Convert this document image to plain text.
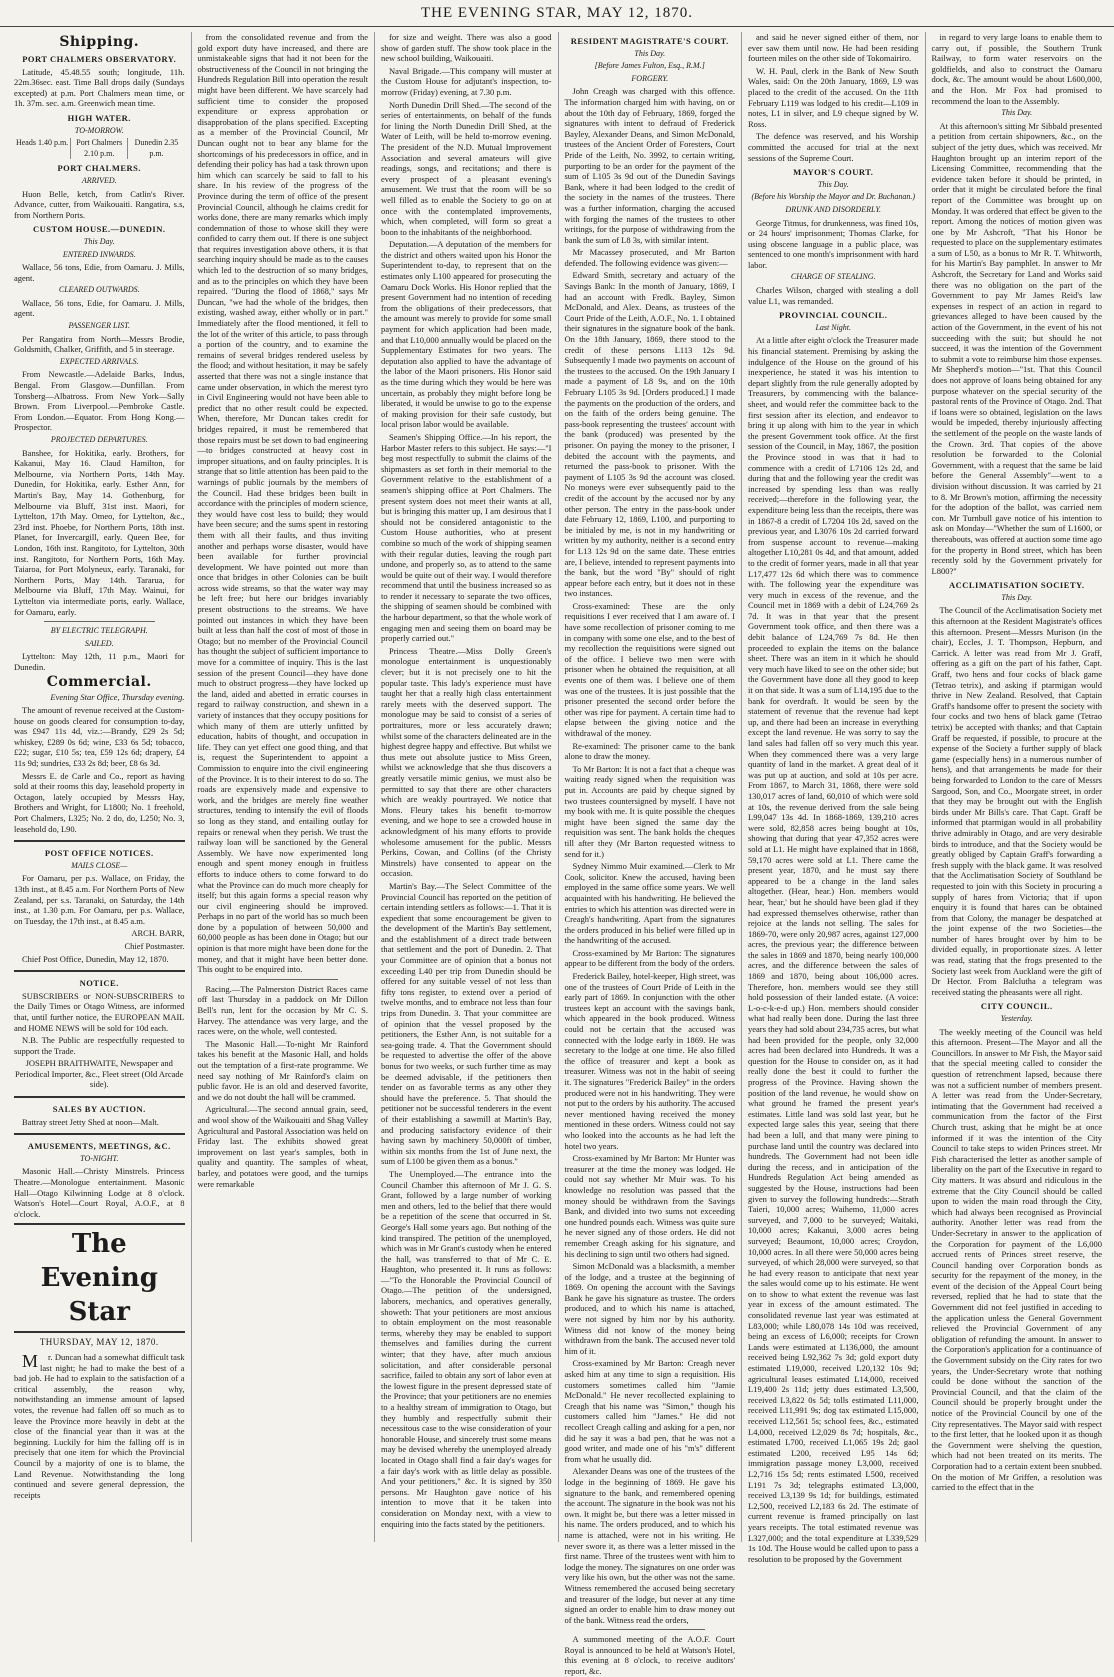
THE EVENING STAR, MAY 12, 1870.
Shipping.
PORT CHALMERS OBSERVATORY.

Latitude, 45.48.55 south; longitude, 11h. 22m.36sec. east. Time Ball drops daily (Sundays excepted) at p.m. Port Chalmers mean time, or 1h. 37m. sec. a.m. Greenwich mean time.

HIGH WATER.
TO-MORROW.
Heads 1.40 p.m.	Port Chalmers 2.10 p.m.
Dunedin 2.35 p.m.
PORT CHALMERS.
ARRIVED.

Huon Belle, ketch, from Catlin's River. Advance, cutter, from Waikouaiti. Rangatira, s.s, from Northern Ports.

CUSTOM HOUSE.—DUNEDIN.
This Day.
ENTERED INWARDS.

Wallace, 56 tons, Edie, from Oamaru. J. Mills, agent.

CLEARED OUTWARDS.

Wallace, 56 tons, Edie, for Oamaru. J. Mills, agent.

PASSENGER LIST.

Per Rangatira from North—Messrs Brodie, Goldsmith, Chalker, Griffith, and 5 in steerage.

EXPECTED ARRIVALS.

From Newcastle.—Adelaide Barks, Indus, Bengal. From Glasgow.—Dunfillan. From Tonsberg—Albatross. From New York—Sally Brown. From Liverpool.—Pembroke Castle. From London.—Equator. From Hong Kong.—Prospector.

PROJECTED DEPARTURES.

Banshee, for Hokitika, early. Brothers, for Kakanui, May 16. Claud Hamilton, for Melbourne, via Northern Ports, 14th May. Dunedin, for Hokitika, early. Esther Ann, for Martin's Bay, May 14. Gothenburg, for Melbourne via Bluff, 31st inst. Maori, for Lyttelton, 17th May. Omeo, for Lyttelton, &c., 23rd inst. Phoebe, for Northern Ports, 18th inst. Planet, for Invercargill, early. Queen Bee, for London, 16th inst. Rangitoto, for Lyttelton, 30th inst. Rangitoto, for Northern Ports, 16th May. Taiaroa, for Port Molyneux, early. Taranaki, for Northern Ports, May 14th. Tararua, for Melbourne via Bluff, 17th May. Wainui, for Lyttelton via intermediate ports, early. Wallace, for Oamaru, early.

BY ELECTRIC TELEGRAPH.
SAILED.

Lyttelton: May 12th, 11 p.m., Maori for Dunedin.

Commercial.

Evening Star Office, Thursday evening.

The amount of revenue received at the Custom-house on goods cleared for consumption to-day, was £947 11s 4d, viz.:—Brandy, £29 2s 5d; whiskey, £289 0s 6d; wine, £33 6s 5d; tobacco, £22; sugar, £10 5s; tea, £59 12s 6d; drapery, £4 11s 9d; sundries, £33 2s 8d; beer, £8 6s 3d.

Messrs E. de Carle and Co., report as having sold at their rooms this day, leasehold property in Octagon, lately occupied by Messrs Hay, Brothers and Wright, for L1800; No. 1 freehold, Port Chalmers, L325; No. 2 do, do, L250; No. 3, leasehold do, L90.

POST OFFICE NOTICES.
MAILS CLOSE—

For Oamaru, per p.s. Wallace, on Friday, the 13th inst., at 8.45 a.m. For Northern Ports of New Zealand, per s.s. Taranaki, on Saturday, the 14th inst., at 1.30 p.m. For Oamaru, per p.s. Wallace, on Tuesday, the 17th inst., at 8.45 a.m.

ARCH. BARR,

Chief Postmaster.

Chief Post Office, Dunedin, May 12, 1870.

NOTICE.

SUBSCRIBERS or NON-SUBSCRIBERS to the Daily Times or Otago Witness, are informed that, until further notice, the EUROPEAN MAIL and HOME NEWS will be sold for 10d each.

N.B. The Public are respectfully requested to support the Trade.

JOSEPH BRAITHWAITE, Newspaper and Periodical Importer, &c., Fleet street (Old Arcade side).

SALES BY AUCTION.

Battray street Jetty Shed at noon—Malt.

AMUSEMENTS, MEETINGS, &C.
TO-NIGHT.

Masonic Hall.—Christy Minstrels. Princess Theatre.—Monologue entertainment. Masonic Hall—Otago Kilwinning Lodge at 8 o'clock. Watson's Hotel—Court Royal, A.O.F., at 8 o'clock.

The Evening Star
THURSDAY, MAY 12, 1870.

Mr. Duncan had a somewhat difficult task last night; he had to make the best of a bad job. He had to explain to the satisfaction of a critical assembly, the reason why, notwithstanding an immense amount of lapsed votes, the revenue had fallen off so much as to leave the Province more heavily in debt at the close of the financial year than it was at the beginning. Luckily for him the falling off is in precisely that one item for which the Provincial Council by a majority of one is to blame, the Land Revenue. Notwithstanding the long continued and severe general depression, the receipts

from the consolidated revenue and from the gold export duty have increased, and there are unmistakeable signs that had it not been for the obstructiveness of the Council in not bringing the Hundreds Regulation Bill into operation the result might have been different. We have scarcely had sufficient time to consider the proposed expenditure or express approbation or disapprobation of the plans specified. Excepting as a member of the Provincial Council, Mr Duncan ought not to bear any blame for the shortcomings of his predecessors in office, and in defending their policy has had a task thrown upon him which can scarcely be said to fall to his share. In his review of the progress of the Province during the term of office of the present Provincial Council, although he claims credit for works done, there are many remarks which imply condemnation of those to whose skill they were confided to carry them out. If there is one subject that requires investigation above others, it is that searching inquiry should be made as to the causes which led to the destruction of so many bridges, and as to the principles on which they have been repaired. "During the flood of 1868," says Mr Duncan, "we had the whole of the bridges, then existing, washed away, either wholly or in part." Immediately after the flood mentioned, it fell to the lot of the writer of this article, to pass through a portion of the country, and to examine the remains of several bridges rendered useless by the flood; and without hesitation, it may be safely asserted that there was not a single instance that came under observation, in which the merest tyro in Civil Engineering would not have been able to predict that no other result could be expected. When, therefore, Mr Duncan takes credit for bridges repaired, it must be remembered that those repairs must be set down to bad engineering—to bridges constructed at heavy cost in improper situations, and on faulty principles. It is strange that so little attention has been paid to the warnings of public journals by the members of the Council. Had these bridges been built in accordance with the principles of modern science, they would have cost less to build; they would have been secure; and the sums spent in restoring them with all their faults, and thus inviting another and perhaps worse disaster, would have been available for further provincial development. We have pointed out more than once that bridges in other Colonies can be built across wide streams, so that the water way may be left free; but here our bridges invariably present obstructions to the streams. We have pointed out instances in which they have been built at less than half the cost of most of those in Otago; but no member of the Provincial Council has thought the subject of sufficient importance to move for a committee of inquiry. This is the last session of the present Council—they have done much to obstruct progress—they have locked up the land, aided and abetted in erratic courses in regard to railway construction, and shewn in a variety of instances that they occupy positions for which many of them are utterly unfitted by education, habits of thought, and occupation in life. They can yet effect one good thing, and that is, request the Superintendent to appoint a Commission to enquire into the civil engineering of the Province. It is to their interest to do so. The roads are expensively made and expensive to work, and the bridges are merely fine weather structures, tending to intensify the evil of floods so long as they stand, and entailing outlay for repairs or renewal when they perish. We trust the railway loan will be sanctioned by the General Assembly. We have now experimented long enough and spent money enough in fruitless efforts to induce others to come forward to do what the Province can do much more cheaply for itself; but this again forms a special reason why our civil engineering should be improved. Perhaps in no part of the world has so much been done by a population of between 50,000 and 60,000 people as has been done in Otago; but our opinion is that more might have been done for the money, and that it might have been better done. This ought to be enquired into.

Racing.—The Palmerston District Races came off last Thursday in a paddock on Mr Dillon Bell's run, lent for the occasion by Mr C. S. Harvey. The attendance was very large, and the races were, on the whole, well contested.

The Masonic Hall.—To-night Mr Rainford takes his benefit at the Masonic Hall, and holds out the temptation of a first-rate programme. We need say nothing of Mr Rainford's claim on public favor. He is an old and deserved favorite, and we do not doubt the hall will be crammed.

Agricultural.—The second annual grain, seed, and wool show of the Waikouaiti and Shag Valley Agricultural and Pastoral Association was held on Friday last. The exhibits showed great improvement on last year's samples, both in quality and quantity. The samples of wheat, barley, and potatoes were good, and the turnips were remarkable

for size and weight. There was also a good show of garden stuff. The show took place in the new school building, Waikouaiti.

Naval Brigade.—This company will muster at the Custom House for adjutant's inspection, to-morrow (Friday) evening, at 7.30 p.m.

North Dunedin Drill Shed.—The second of the series of entertainments, on behalf of the funds for lining the North Dunedin Drill Shed, at the Water of Leith, will be held to-morrow evening. The president of the N.D. Mutual Improvement Association and several amateurs will give readings, songs, and recitations; and there is every prospect of a pleasant evening's amusement. We trust that the room will be so well filled as to enable the Society to go on at once with the contemplated improvements, which, when completed, will form so great a boon to the inhabitants of the neighborhood.

Deputation.—A deputation of the members for the district and others waited upon his Honor the Superintendent to-day, to represent that on the estimates only L100 appeared for prosecuting the Oamaru Dock Works. His Honor replied that the present Government had no intention of receding from the obligations of their predecessors, that the amount was merely to provide for some small payment for which application had been made, and that L10,000 annually would be placed on the Supplementary Estimates for two years. The deputation also applied to have the advantage of the labor of the Maori prisoners. His Honor said as the time during which they would be here was uncertain, as probably they might before long be liberated, it would be unwise to go to the expense of making provision for their safe custody, but local prison labor would be available.

Seamen's Shipping Office.—In his report, the Harbor Master refers to this subject. He says:—"I beg most respectfully to submit the claims of the shipmasters as set forth in their memorial to the Government relative to the establishment of a seamen's shipping office at Port Chalmers. The present system does not meet their wants at all, but is bringing this matter up, I am desirous that I should not be considered antagonistic to the Custom House authorities, who at present combine so much of the work of shipping seamen with their regular duties, leaving the rough part undone, and properly so, as to attend to the same would be quite out of their way. I would therefore recommend that until the business increased so as to render it necessary to separate the two offices, the shipping of seamen should be combined with the harbour department, so that the whole work of engaging men and seeing them on board may be properly carried out."

Princess Theatre.—Miss Dolly Green's monologue entertainment is unquestionably clever; but it is not precisely one to hit the popular taste. This lady's experience must have taught her that a really high class entertainment rarely meets with the deserved support. The monologue may be said to consist of a series of portraitures, more or less accurately drawn; whilst some of the characters delineated are in the highest degree happy and effective. But whilst we thus mete out absolute justice to Miss Green, whilst we acknowledge that she thus discovers a greatly versatile mimic genius, we must also be permitted to say that there are other characters which are weakly pourtrayed. We notice that Mons. Fleury takes his benefit to-morrow evening, and we hope to see a crowded house in acknowledgment of his many efforts to provide wholesome amusement for the public. Messrs Perkins, Cowan, and Collins (of the Christy Minstrels) have consented to appear on the occasion.

Martin's Bay.—The Select Committee of the Provincial Council has reported on the petition of certain intending settlers as follows:—1. That it is expedient that some encouragement be given to the development of the Martin's Bay settlement, and the establishment of a direct trade between that settlement and the port of Dunedin. 2. That your Committee are of opinion that a bonus not exceeding L40 per trip from Dunedin should be offered for any suitable vessel of not less than fifty tons register, to extend over a period of twelve months, and to embrace not less than four trips from Dunedin. 3. That your committee are of opinion that the vessel proposed by the petitioners, the Esther Ann, is not suitable for a sea-going trade. 4. That the Government should be requested to advertise the offer of the above bonus for two weeks, or such further time as may be deemed advisable, if the petitioners then tender on as favorable terms as any other they should have the preference. 5. That should the petitioner not be successful tenderers in the event of their establishing a sawmill at Martin's Bay, and producing satisfactory evidence of their having sawn by machinery 50,000ft of timber, within six months from the 1st of June next, the sum of L100 be given them as a bonus."

The Unemployed.—The entrance into the Council Chamber this afternoon of Mr J. G. S. Grant, followed by a large number of working men and others, led to the belief that there would be a repetition of the scene that occurred in St. George's Hall some years ago. But nothing of the kind transpired. The petition of the unemployed, which was in Mr Grant's custody when he entered the hall, was transferred to that of Mr C. E. Haughton, who presented it. It runs as follows:—"To the Honorable the Provincial Council of Otago.—The petition of the undersigned, laborers, mechanics, and operatives generally, showeth: That your petitioners are most anxious to obtain employment on the most reasonable terms, whereby they may be enabled to support themselves and families during the current winter; that they have, after much anxious solicitation, and after considerable personal sacrifice, failed to obtain any sort of labor even at the lowest figure in the present depressed state of the Province; that your petitioners are no enemies to a healthy stream of immigration to Otago, but they humbly and respectfully submit their necessitous case to the wise consideration of your honorable House, and sincerely trust some means may be devised whereby the unemployed already located in Otago shall find a fair day's wages for a fair day's work with as little delay as possible. And your petitioners," &c. It is signed by 350 persons. Mr Haughton gave notice of his intention to move that it be taken into consideration on Monday next, with a view to enquiring into the facts stated by the petitioners.

RESIDENT MAGISTRATE'S COURT.
This Day.
[Before James Fulton, Esq., R.M.]
FORGERY.

John Creagh was charged with this offence. The information charged him with having, on or about the 10th day of February, 1869, forged the signatures with intent to defraud of Frederick Bayley, Alexander Deans, and Simon McDonald, trustees of the Ancient Order of Foresters, Court Pride of the Leith, No. 3992, to certain writing, purporting to be an order for the payment of the sum of L105 3s 9d out of the Dunedin Savings Bank, where it had been lodged to the credit of the society in the names of the trustees. There was a further information, charging the accused with forging the names of the trustees to other writings, for the purpose of withdrawing from the bank the sum of L8 3s, with similar intent.

Mr Macassey prosecuted, and Mr Barton defended. The following evidence was given:—

Edward Smith, secretary and actuary of the Savings Bank: In the month of January, 1869, I had an account with Fredk. Bayley, Simon McDonald, and Alex. Deans, as trustees of the Court Pride of the Leith, A.O.F., No. 1. I obtained their signatures in the signature book of the bank. On the 18th January, 1869, there stood to the credit of these persons L113 12s 9d. Subsequently I made two payments on account of the trustees to the accused. On the 19th January I made a payment of L8 9s, and on the 10th February L105 3s 9d. [Orders produced.] I made the payments on the production of the orders, and on the faith of the orders being genuine. The pass-book representing the trustees' account with the bank (produced) was presented by the prisoner. On paying the money to the prisoner, I debited the account with the payments, and returned the pass-book to prisoner. With the payment of L105 3s 9d the account was closed. No moneys were ever subsequently paid to the credit of the account by the accused nor by any other person. The entry in the pass-book under date February 12, 1869, L100, and purporting to be initialed by me, is not in my handwriting or written by my authority, neither is a second entry for L13 12s 9d on the same date. These entries are, I believe, intended to represent payments into the bank, but the word "By" should of right appear before each entry, but it does not in these two instances.

Cross-examined: These are the only requisitions I ever received that I am aware of. I have some recollection of prisoner coming to me in company with some one else, and to the best of my recollection the requisitions were signed out of the office. I believe two men were with prisoner when he obtained the requisition, at all events one of them was. I believe one of them was one of the trustees. It is just possible that the prisoner presented the second order before the other was ripe for payment. A certain time had to elapse between the giving notice and the withdrawal of the money.

Re-examined: The prisoner came to the bank alone to draw the money.

To Mr Barton: It is not a fact that a cheque was waiting ready signed when the requisition was put in. Accounts are paid by cheque signed by two trustees countersigned by myself. I have not my book with me. It is quite possible the cheques might have been signed the same day the requisition was sent. The bank holds the cheques till after they (Mr Barton requested witness to send for it.)

Sydney Nimmo Muir examined.—Clerk to Mr Cook, solicitor. Knew the accused, having been employed in the same office some years. We well acquainted with his handwriting. He believed the entries to which his attention was directed were in Creagh's handwriting. Apart from the signatures the orders produced in his belief were filled up in the handwriting of the accused.

Cross-examined by Mr Barton: The signatures appear to be different from the body of the orders.

Frederick Bailey, hotel-keeper, High street, was one of the trustees of Court Pride of Leith in the early part of 1869. In conjunction with the other trustees kept an account with the savings bank, which appeared in the book produced. Witness could not be certain that the accused was connected with the lodge early in 1869. He was secretary to the lodge at one time. He also filled the office of treasurer and kept a book as treasurer. Witness was not in the habit of seeing it. The signatures "Frederick Bailey" in the orders produced were not in his handwriting. They were not put to the orders by his authority. The accused never mentioned having received the money mentioned in these orders. Witness could not say who looked into the accounts as he had left the hotel two years.

Cross-examined by Mr Barton: Mr Hunter was treasurer at the time the money was lodged. He could not say whether Mr Muir was. To his knowledge no resolution was passed that the money should be withdrawn from the Savings Bank, and divided into two sums not exceeding one hundred pounds each. Witness was quite sure he never signed any of those orders. He did not remember Creagh asking for his signature, and his declining to sign until two others had signed.

Simon McDonald was a blacksmith, a member of the lodge, and a trustee at the beginning of 1869. On opening the account with the Savings Bank he gave his signature as trustee. The orders produced, and to which his name is attached, were not signed by him nor by his authority. Witness did not know of the money being withdrawn from the bank. The accused never told him of it.

Cross-examined by Mr Barton: Creagh never asked him at any time to sign a requisition. His customers sometimes called him "Jamie McDonald." He never recollected explaining to Creagh that his name was "Simon," though his customers called him "James." He did not recollect Creagh calling and asking for a pen, nor did he say it was a bad pen, that he was not a good writer, and made one of his "m's" different from what he usually did.

Alexander Deans was one of the trustees of the lodge in the beginning of 1869. He gave his signature to the bank, and remembered opening the account. The signature in the book was not his own. It might be, but there was a letter missed in his name. The orders produced, and to which his name is attached, were not in his writing. He never swore it, as there was a letter missed in the first name. Three of the trustees went with him to lodge the money. The signatures on one order was very like his own, but the other was not the same. Witness remembered the accused being secretary and treasurer of the lodge, but never at any time signed an order to enable him to draw money out of the bank. Witness read the orders,

A summoned meeting of the A.O.F. Court Royal is announced to be held at Watson's Hotel, this evening at 8 o'clock, to receive auditors' report, &c.

and said he never signed either of them, nor ever saw them until now. He had been residing fourteen miles on the other side of Tokomairiro.

W. H. Paul, clerk in the Bank of New South Wales, said: On the 20th January, 1869, L9 was placed to the credit of the accused. On the 11th February L119 was lodged to his credit—L109 in notes, L1 in silver, and L9 cheque signed by W. Ross.

The defence was reserved, and his Worship committed the accused for trial at the next sessions of the Supreme Court.

MAYOR'S COURT.
This Day.
(Before his Worship the Mayor and Dr. Buchanan.)
DRUNK AND DISORDERLY.

George Titmus, for drunkenness, was fined 10s, or 24 hours' imprisonment; Thomas Clarke, for using obscene language in a public place, was sentenced to one month's imprisonment with hard labor.

CHARGE OF STEALING.

Charles Wilson, charged with stealing a doll value L1, was remanded.

PROVINCIAL COUNCIL.
Last Night.

At a little after eight o'clock the Treasurer made his financial statement. Premising by asking the indulgence of the House on the ground of his inexperience, he stated it was his intention to depart slightly from the rule generally adopted by Treasurers, by commencing with the balance-sheet, and would refer the committee back to the first session after its election, and endeavor to bring it up along with him to the year in which the present Government took office. At the first session of the Council, in May, 1867, the position the Province stood in was that it had to commence with a credit of L7106 12s 2d, and during that and the following year the credit was increased by spending less than was really received;—therefore in the following year, the expenditure being less than the receipts, there was in 1867-8 a credit of L7204 10s 2d, saved on the previous year, and L3076 10s 2d carried forward from suspense account to revenue—making altogether L10,281 0s 4d, and that amount, added to the credit of former years, made in all that year L17,477 12s 6d which there was to commence with. The following year the expenditure was very much in excess of the revenue, and the Council met in 1869 with a debit of L24,769 2s 7d. It was in that year that the present Government took office, and then there was a debit balance of L24,769 7s 8d. He then proceeded to explain the items on the balance sheet. There was an item in it which he should very much have liked to see on the other side; but the Government have done all they good to keep it on that side. It was a sum of L14,195 due to the bank for overdraft. It would be seen by the statement of revenue that the revenue had kept up, and there had been an increase in everything except the land revenue. He was sorry to say the land sales had fallen off so very much this year. When they commenced there was a very large quantity of land in the market. A great deal of it was put up at auction, and sold at 10s per acre. From 1867, to March 31, 1868, there were sold 130,017 acres of land, 60,010 of which were sold at 10s, the revenue derived from the sale being L99,047 13s 4d. In 1868-1869, 139,210 acres were sold, 82,858 acres being bought at 10s, showing that during that year 47,352 acres were sold at L1. He might have explained that in 1868, 59,170 acres were sold at L1. There came the present year, 1870, and he must say there appeared to be a change in the land sales altogether. (Hear, hear.) Hon. members would hear, 'hear,' but he should have been glad if they had expressed themselves otherwise, rather than rejoice at the lands not selling. The sales for 1869-70, were only 20,987 acres, against 127,000 acres, the previous year; the difference between the sales in 1869 and 1870, being nearly 100,000 acres, and the difference between the sales of 1869 and 1870, being about 106,000 acres. Therefore, hon. members would see they still hold possession of their landed estate. (A voice: L-o-c-k-e-d up.) Hon. members should consider what had really been done. During the last three years they had sold about 234,735 acres, but what had been provided for the people, only 32,000 acres had been declared into Hundreds. It was a question for the House to consider on, as it had really done the best it could to further the progress of the Province. Having shown the position of the land revenue, he would show on what ground he framed the present year's estimates. Little land was sold last year, but he expected large sales this year, seeing that there had been a lull, and that many were pining to purchase land until the country was declared into hundreds. The Government had not been idle during the recess, and in anticipation of the Hundreds Regulation Act being amended as suggested by the House, instructions had been given to survey the following hundreds:—Strath Taieri, 10,000 acres; Waihemo, 11,000 acres surveyed, and 7,000 to be surveyed; Waitaki, 10,000 acres; Kakanui, 3,000 acres being surveyed; Beaumont, 10,000 acres; Croydon, 10,000 acres. In all there were 50,000 acres being surveyed, of which 28,000 were surveyed, so that he had every reason to anticipate that next year the sales would come up to his estimate. He went on to show to what extent the revenue was last year in excess of the amount estimated. The consolidated revenue last year was estimated at L83,000; while L80,078 14s 10d was received, being an excess of L6,000; receipts for Crown Lands were estimated at L136,000, the amount received being L92,362 7s 3d; gold export duty estimated L19,000, received L20,132 10s 9d; agricultural leases estimated L14,000, received L19,400 2s 11d; jetty dues estimated L3,500, received L3,822 0s 5d; tolls estimated L11,000, received L11,991 9s; dog tax estimated L15,000, received L12,561 5s; school fees, &c., estimated L4,000, received L2,029 8s 7d; hospitals, &c., estimated L700, received L1,065 19s 2d; gaol estimated L200, received L95 14s 6d; immigration passage money L3,000, received L2,716 15s 5d; rents estimated L500, received L191 7s 3d; telegraphs estimated L3,000, received L3,139 9s 1d; for buildings, estimated L2,500, received L2,183 6s 2d. The estimate of current revenue is framed principally on last years receipts. The total estimated revenue was L327,000; and the total expenditure at L339,529 1s 10d. The House would be called upon to pass a resolution to be proposed by the Government

in regard to very large loans to enable them to carry out, if possible, the Southern Trunk Railway, to form water reservoirs on the goldfields, and also to construct the Oamaru dock, &c. The amount would be about L600,000, and the Hon. Mr Fox had promised to recommend the loan to the Assembly.

This Day.

At this afternoon's sitting Mr Sibbald presented a petition from certain shipowners, &c., on the subject of the jetty dues, which was received. Mr Haughton brought up an interim report of the Licensing Committee, recommending that the evidence taken before it should be printed, in order that it might be circulated before the final report of the Committee was brought up on Monday. It was ordered that effect be given to the report. Among the notices of motion given was one by Mr Ashcroft, "That his Honor be requested to place on the supplementary estimates a sum of L50, as a bonus to Mr R. T. Whitworth, for his Martin's Bay pamphlet. In answer to Mr Ashcroft, the Secretary for Land and Works said there was no obligation on the part of the Government to pay Mr James Reid's law expenses in respect of an action in regard to grievances alleged to have been caused by the action of the Government, in the event of his not succeeding with the suit; but should he not succeed, it was the intention of the Government to submit a vote to reimburse him those expenses. Mr Shepherd's motion—"1st. That this Council does not approve of loans being obtained for any purpose whatever on the special security of the pastoral rents of the Province of Otago. 2nd. That if loans were so obtained, legislation on the laws would be impeded, thereby injuriously affecting the settlement of the people on the waste lands of the Crown. 3rd. That copies of the above resolution be forwarded to the Colonial Government, with a request that the same be laid before the General Assembly"—went to a division without discussion. It was carried by 21 to 8. Mr Brown's motion, affirming the necessity for the adoption of the ballot, was carried nem con. Mr Turnbull gave notice of his intention to ask on Monday—"Whether the sum of L1600, or thereabouts, was offered at auction some time ago for the property in Bond street, which has been recently sold by the Government privately for L800?"

ACCLIMATISATION SOCIETY.
This Day.

The Council of the Acclimatisation Society met this afternoon at the Resident Magistrate's offices this afternoon. Present—Messrs Murison (in the chair), Eccles, J. T. Thompson, Hepburn, and Carrick. A letter was read from Mr J. Graff, offering as a gift on the part of his father, Capt. Graff, two hens and four cocks of black game (Tetrao tetrix), and asking if ptarmigan would thrive in New Zealand. Resolved, that Captain Graff's handsome offer to present the society with four cocks and two hens of black game (Tetrao tetrix) be accepted with thanks; and that Captain Graff be requested, if possible, to procure at the expense of the Society a further supply of black game (especially hens) in a numerous number of hens), and that arrangements be made for their being forwarded to London to the care of Messrs Sargood, Son, and Co., Moorgate street, in order that they may be brought out with the English birds under Mr Bills's care. That Capt. Graff be informed that ptarmigan would in all probability thrive admirably in Otago, and are very desirable birds to introduce, and that the Society would be greatly obliged by Captain Graff's forwarding a fresh supply with the black game. It was resolved that the Acclimatisation Society of Southland be requested to join with this Society in procuring a supply of hares from Victoria; that if upon enquiry it is found that hares can be obtained from that Colony, the manager be despatched at the joint expense of the two Societies—the number of hares brought over by him to be divided equally, in proportionate sizes. A letter was read, stating that the frogs presented to the Society last week from Auckland were the gift of Dr Hector. From Balclutha a telegram was received stating the pheasants were all right.

CITY COUNCIL.
Yesterday.

The weekly meeting of the Council was held this afternoon. Present—The Mayor and all the Councillors. In answer to Mr Fish, the Mayor said that the special meeting called to consider the question of retrenchment lapsed, because there was not a sufficient number of members present. A letter was read from the Under-Secretary, intimating that the Government had received a communication from the factor of the First Church trust, asking that he might be at once informed if it was the intention of the City Council to take steps to widen Princes street. Mr Fish characterised the letter as another sample of liberality on the part of the Executive in regard to City matters. It was absurd and ridiculous in the extreme that the City Council should be called upon to widen the main road through the City, which had always been recognised as Provincial authority. Another letter was read from the Under-Secretary in answer to the application of the Corporation for payment of the L6,000 accrued rents of Princes street reserve, the Council handing over Corporation bonds as security for the repayment of the money, in the event of the decision of the Appeal Court being reversed, replied that he had to state that the Government did not feel justified in acceding to the application unless the General Government relieved the Provincial Government of any obligation of refunding the amount. In answer to the Corporation's application for a continuance of the Government subsidy on the City rates for two years, the Under-Secretary wrote that nothing could be done without the sanction of the Provincial Council, and that the claim of the Council should be properly brought under the notice of the Provincial Council by one of the City representatives. The Mayor said with respect to the first letter, that he looked upon it as though the Government were shelving the question, which had not been treated on its merits. The Corporation had to a certain extent been snubbed. On the motion of Mr Griffen, a resolution was carried to the effect that in the
